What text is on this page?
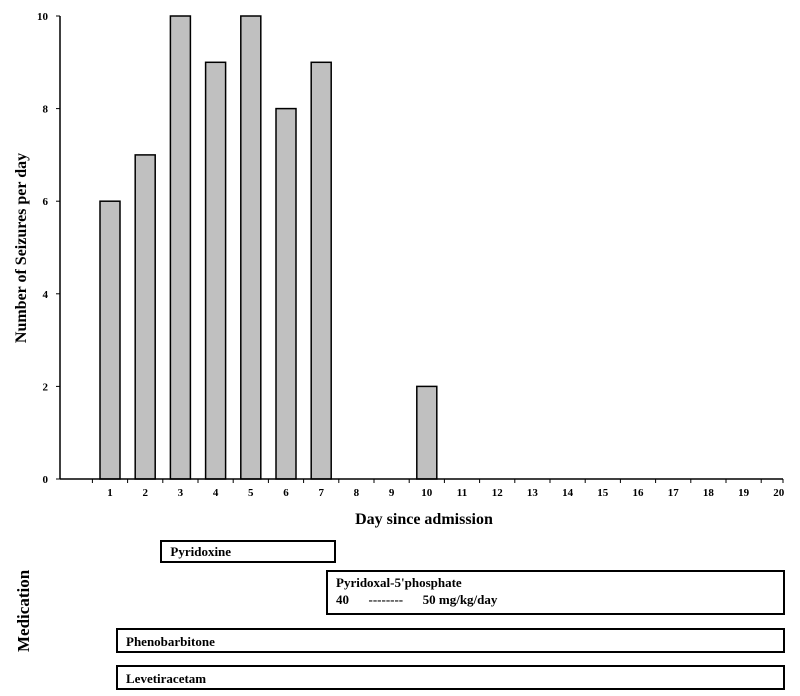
1	2	3	4	5	6	7	8	9 10 11 12 13 14 15 16 17 18 19 20
0
2
4
6
8
10
Day since admission
Number of Seizures per day
Medication
Pyridoxine
Pyridoxal-5'phosphate
40      --------      50 mg/kg/day
Phenobarbitone
Levetiracetam
